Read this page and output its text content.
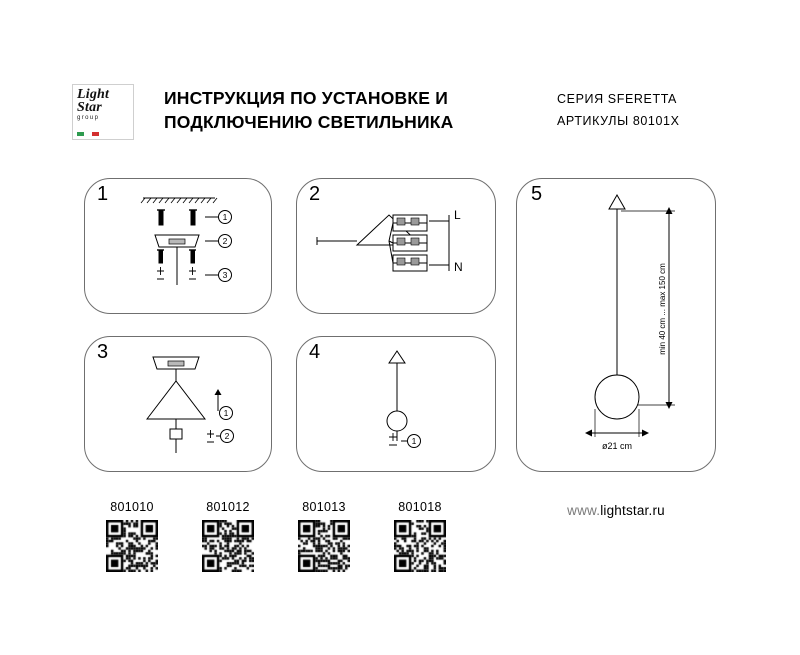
Light
Star
group
ИНСТРУКЦИЯ ПО УСТАНОВКЕ И
ПОДКЛЮЧЕНИЮ СВЕТИЛЬНИКА
СЕРИЯ SFERETTA
АРТИКУЛЫ 80101X
1
1
2
3
2
L
N
3
1
2
4
1
5
min 40 cm ... max 150 cm
ø21 cm
801010	801012	801013	801018	www.lightstar.ru
